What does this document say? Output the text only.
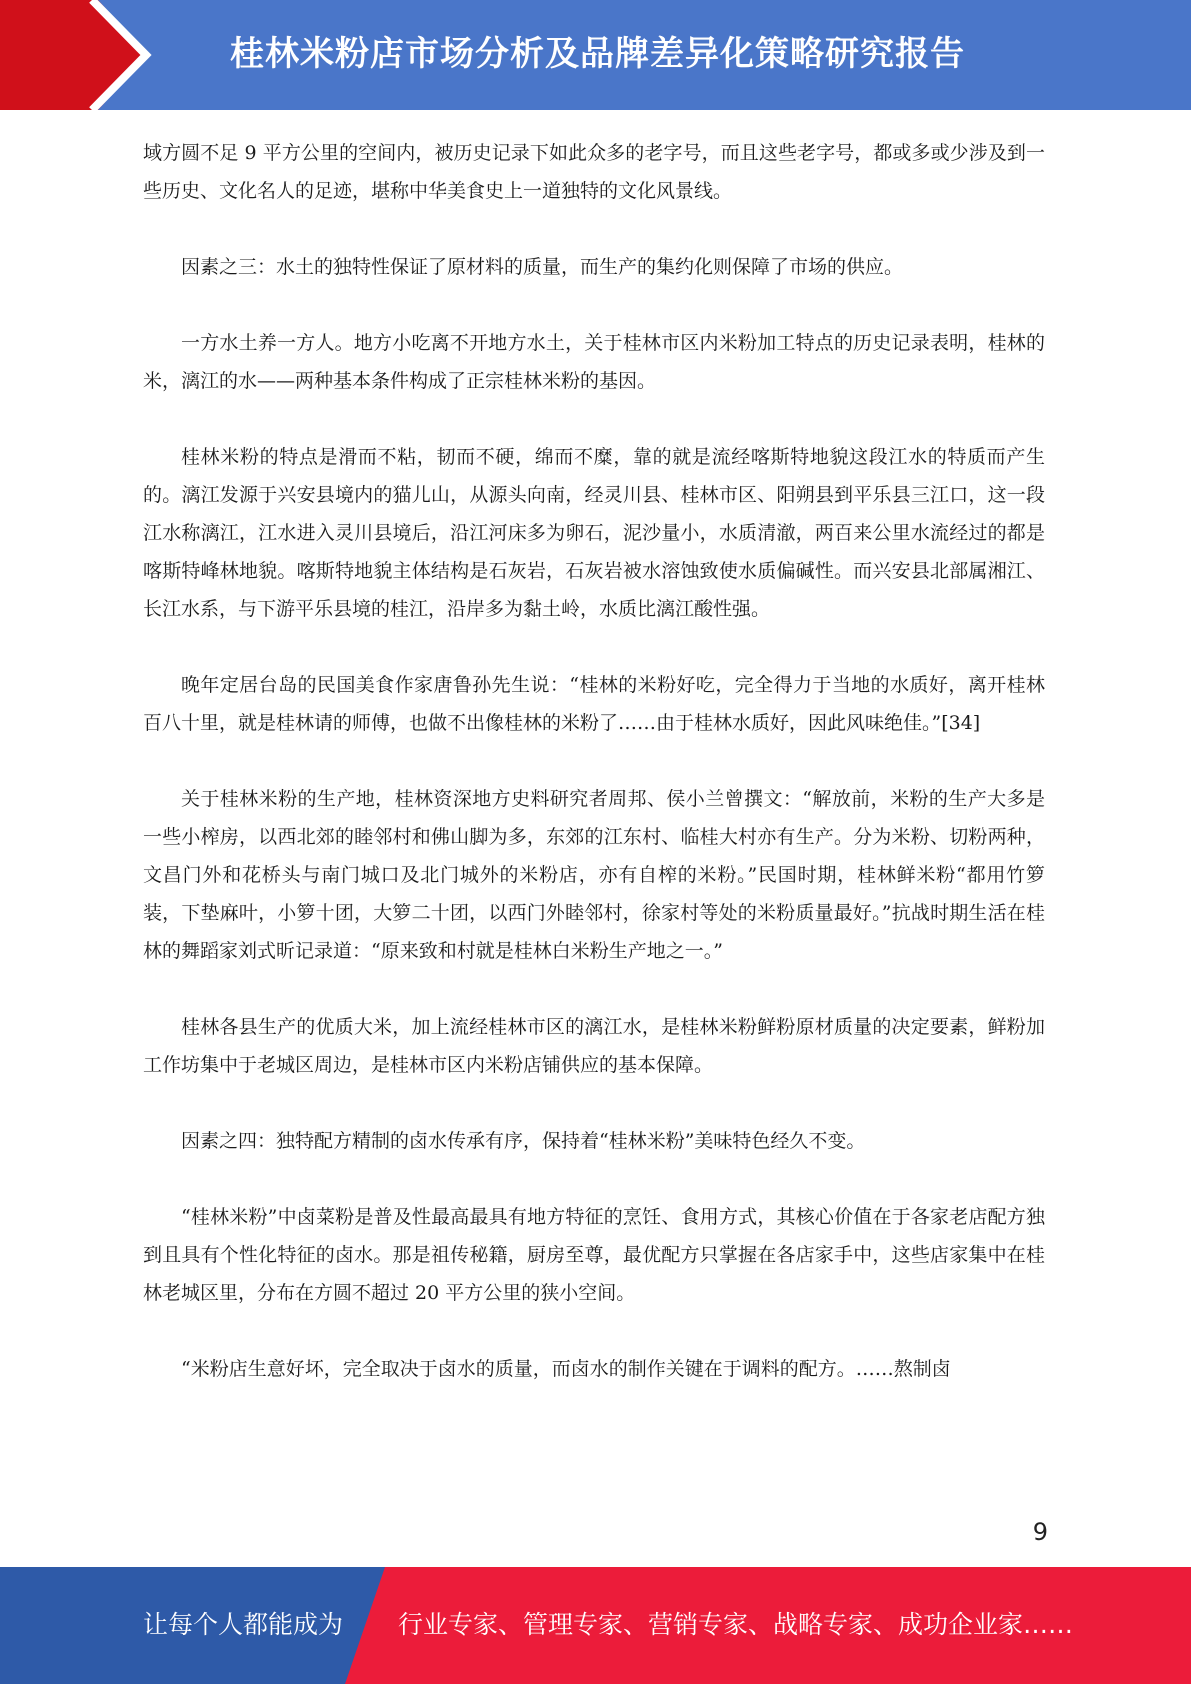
桂林米粉店市场分析及品牌差异化策略研究报告

域方圆不足 9 平方公里的空间内，被历史记录下如此众多的老字号，而且这些老字号，都或多或少涉及到一些历史、文化名人的足迹，堪称中华美食史上一道独特的文化风景线。

因素之三：水土的独特性保证了原材料的质量，而生产的集约化则保障了市场的供应。

一方水土养一方人。地方小吃离不开地方水土，关于桂林市区内米粉加工特点的历史记录表明，桂林的米，漓江的水——两种基本条件构成了正宗桂林米粉的基因。

桂林米粉的特点是滑而不粘，韧而不硬，绵而不糜，靠的就是流经喀斯特地貌这段江水的特质而产生的。漓江发源于兴安县境内的猫儿山，从源头向南，经灵川县、桂林市区、阳朔县到平乐县三江口，这一段江水称漓江，江水进入灵川县境后，沿江河床多为卵石，泥沙量小，水质清澈，两百来公里水流经过的都是喀斯特峰林地貌。喀斯特地貌主体结构是石灰岩，石灰岩被水溶蚀致使水质偏碱性。而兴安县北部属湘江、长江水系，与下游平乐县境的桂江，沿岸多为黏土岭，水质比漓江酸性强。

晚年定居台岛的民国美食作家唐鲁孙先生说：“桂林的米粉好吃，完全得力于当地的水质好，离开桂林百八十里，就是桂林请的师傅，也做不出像桂林的米粉了……由于桂林水质好，因此风味绝佳。”[34]

关于桂林米粉的生产地，桂林资深地方史料研究者周邦、侯小兰曾撰文：“解放前，米粉的生产大多是一些小榨房，以西北郊的睦邻村和佛山脚为多，东郊的江东村、临桂大村亦有生产。分为米粉、切粉两种，文昌门外和花桥头与南门城口及北门城外的米粉店，亦有自榨的米粉。”民国时期，桂林鲜米粉“都用竹箩装，下垫麻叶，小箩十团，大箩二十团，以西门外睦邻村，徐家村等处的米粉质量最好。”抗战时期生活在桂林的舞蹈家刘式昕记录道：“原来致和村就是桂林白米粉生产地之一。”

桂林各县生产的优质大米，加上流经桂林市区的漓江水，是桂林米粉鲜粉原材质量的决定要素，鲜粉加工作坊集中于老城区周边，是桂林市区内米粉店铺供应的基本保障。

因素之四：独特配方精制的卤水传承有序，保持着“桂林米粉”美味特色经久不变。

“桂林米粉”中卤菜粉是普及性最高最具有地方特征的烹饪、食用方式，其核心价值在于各家老店配方独到且具有个性化特征的卤水。那是祖传秘籍，厨房至尊，最优配方只掌握在各店家手中，这些店家集中在桂林老城区里，分布在方圆不超过 20 平方公里的狭小空间。

“米粉店生意好坏，完全取决于卤水的质量，而卤水的制作关键在于调料的配方。……熬制卤

9
让每个人都能成为 行业专家、管理专家、营销专家、战略专家、成功企业家……
